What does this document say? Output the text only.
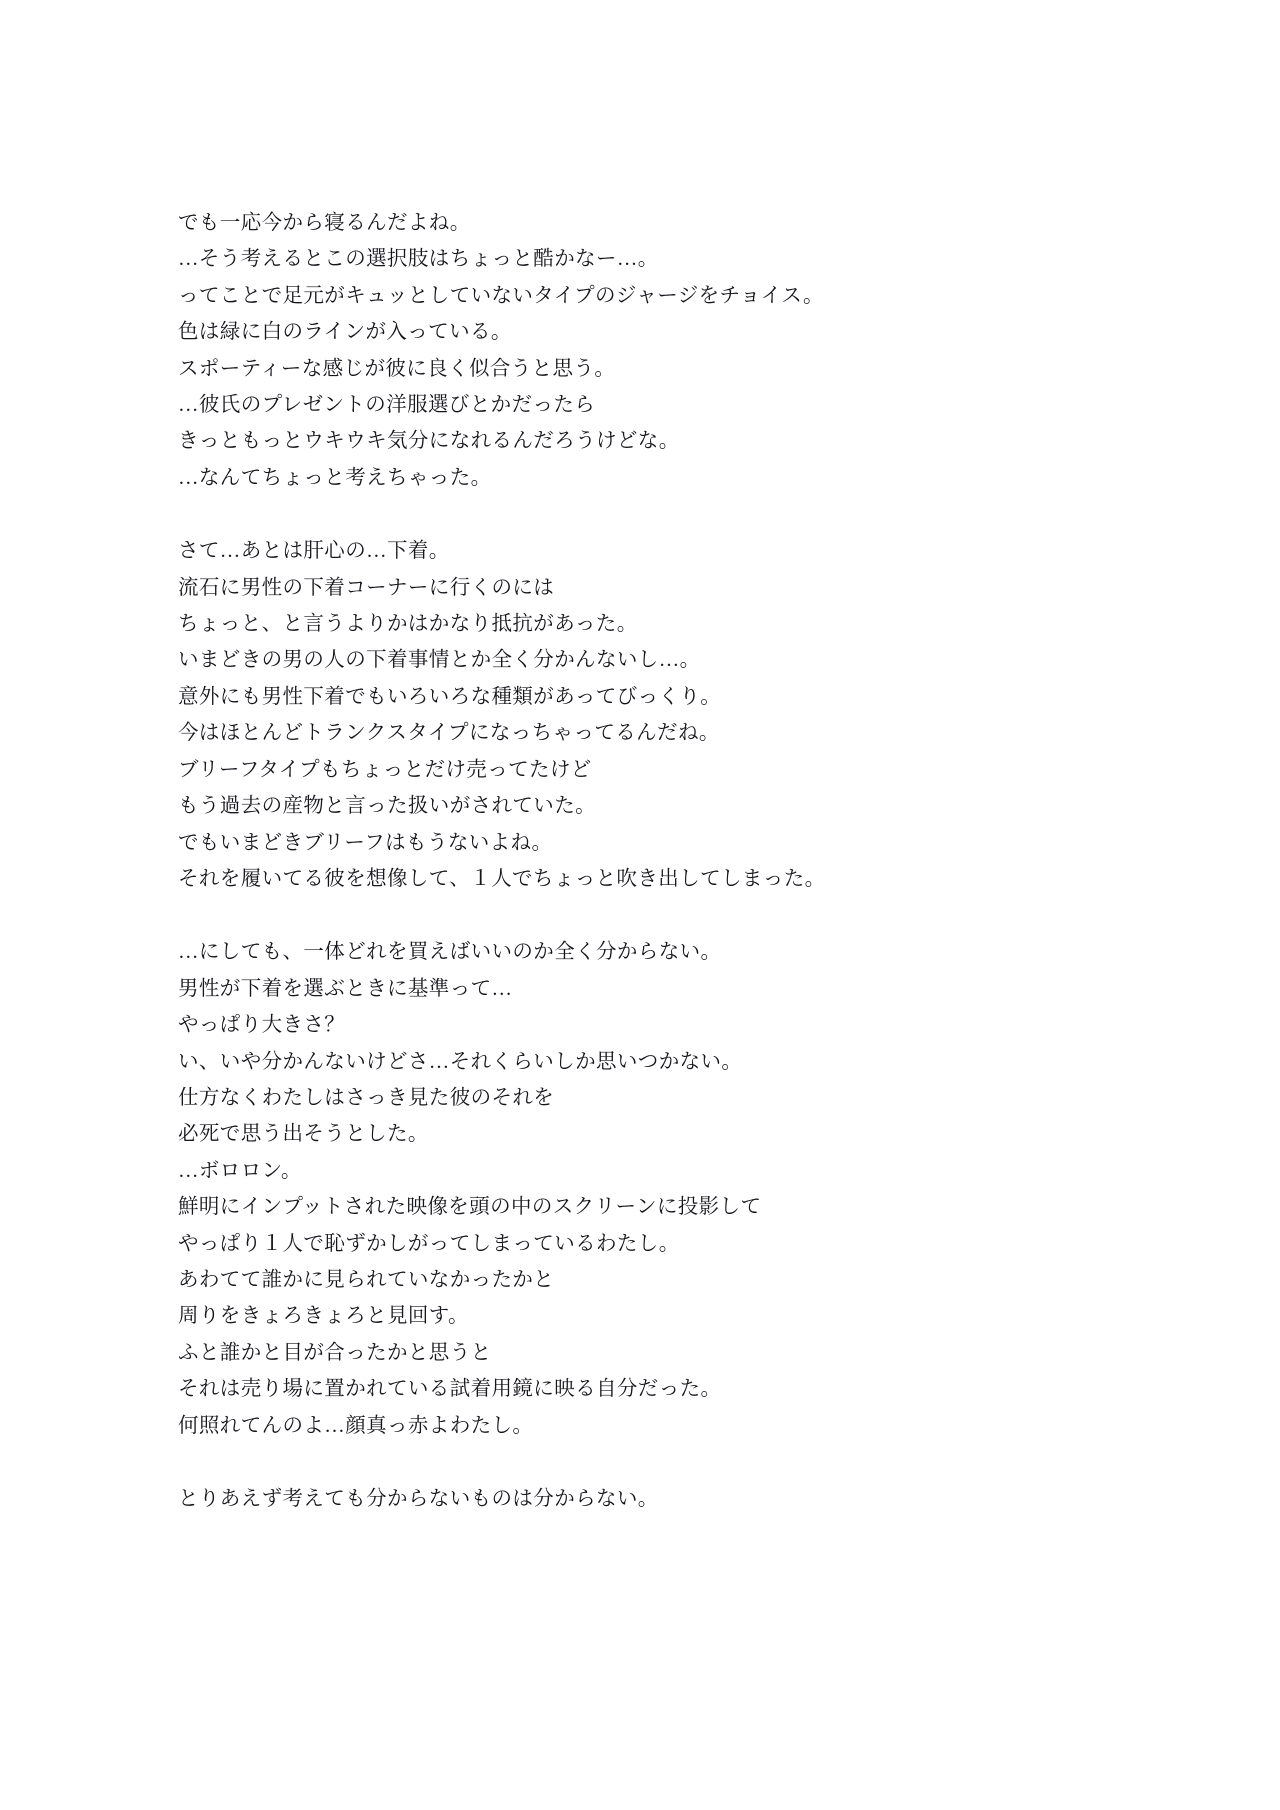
でも一応今から寝るんだよね。
…そう考えるとこの選択肢はちょっと酷かなー…。
ってことで足元がキュッとしていないタイプのジャージをチョイス。
色は緑に白のラインが入っている。
スポーティーな感じが彼に良く似合うと思う。
…彼氏のプレゼントの洋服選びとかだったら
きっともっとウキウキ気分になれるんだろうけどな。
…なんてちょっと考えちゃった。
さて…あとは肝心の…下着。
流石に男性の下着コーナーに行くのには
ちょっと、と言うよりかはかなり抵抗があった。
いまどきの男の人の下着事情とか全く分かんないし…。
意外にも男性下着でもいろいろな種類があってびっくり。
今はほとんどトランクスタイプになっちゃってるんだね。
ブリーフタイプもちょっとだけ売ってたけど
もう過去の産物と言った扱いがされていた。
でもいまどきブリーフはもうないよね。
それを履いてる彼を想像して、１人でちょっと吹き出してしまった。
…にしても、一体どれを買えばいいのか全く分からない。
男性が下着を選ぶときに基準って…
やっぱり大きさ？
い、いや分かんないけどさ…それくらいしか思いつかない。
仕方なくわたしはさっき見た彼のそれを
必死で思う出そうとした。
…ボロロン。
鮮明にインプットされた映像を頭の中のスクリーンに投影して
やっぱり１人で恥ずかしがってしまっているわたし。
あわてて誰かに見られていなかったかと
周りをきょろきょろと見回す。
ふと誰かと目が合ったかと思うと
それは売り場に置かれている試着用鏡に映る自分だった。
何照れてんのよ…顔真っ赤よわたし。
とりあえず考えても分からないものは分からない。
